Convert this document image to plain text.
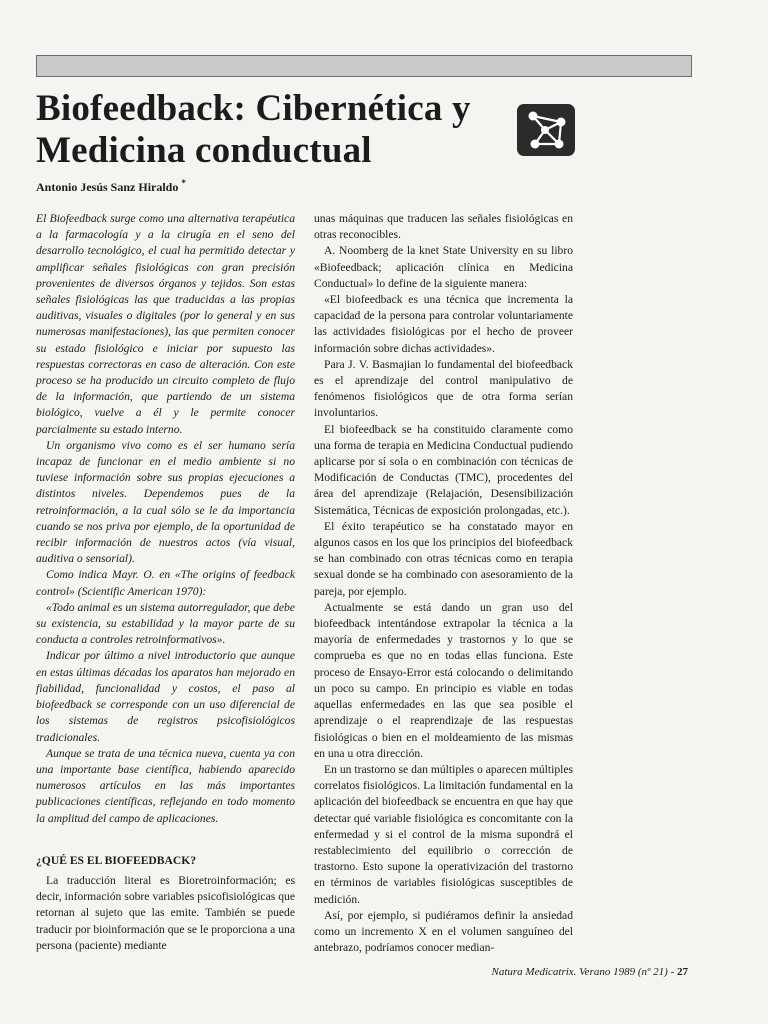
Biofeedback: Cibernética y Medicina conductual
Antonio Jesús Sanz Hiraldo *

El Biofeedback surge como una alternativa terapéutica a la farmacología y a la cirugía en el seno del desarrollo tecnológico, el cual ha permitido detectar y amplificar señales fisiológicas con gran precisión provenientes de diversos órganos y tejidos. Son estas señales fisiológicas las que traducidas a las propias auditivas, visuales o digitales (por lo general y en sus numerosas manifestaciones), las que permiten conocer su estado fisiológico e iniciar por supuesto las respuestas correctoras en caso de alteración. Con este proceso se ha producido un circuito completo de flujo de la información, que partiendo de un sistema biológico, vuelve a él y le permite conocer parcialmente su estado interno.

Un organismo vivo como es el ser humano sería incapaz de funcionar en el medio ambiente si no tuviese información sobre sus propias ejecuciones a distintos niveles. Dependemos pues de la retroinformación, a la cual sólo se le da importancia cuando se nos priva por ejemplo, de la oportunidad de recibir información de nuestros actos (vía visual, auditiva o sensorial).

Como indica Mayr. O. en «The origins of feedback control» (Scientific American 1970):

«Todo animal es un sistema autorregulador, que debe su existencia, su estabilidad y la mayor parte de su conducta a controles retroinformativos».

Indicar por último a nivel introductorio que aunque en estas últimas décadas los aparatos han mejorado en fiabilidad, funcionalidad y costos, el paso al biofeedback se corresponde con un uso diferencial de los sistemas de registros psicofisiológicos tradicionales.

Aunque se trata de una técnica nueva, cuenta ya con una importante base científica, habiendo aparecido numerosos artículos en las más importantes publicaciones científicas, reflejando en todo momento la amplitud del campo de aplicaciones.

¿QUÉ ES EL BIOFEEDBACK?

La traducción literal es Bioretroinformación; es decir, información sobre variables psicofisiológicas que retornan al sujeto que las emite. También se puede traducir por bioinformación que se le proporciona a una persona (paciente) mediante

unas máquinas que traducen las señales fisiológicas en otras reconocibles.

A. Noomberg de la knet State University en su libro «Biofeedback; aplicación clínica en Medicina Conductual» lo define de la siguiente manera:

«El biofeedback es una técnica que incrementa la capacidad de la persona para controlar voluntariamente las actividades fisiológicas por el hecho de proveer información sobre dichas actividades».

Para J. V. Basmajian lo fundamental del biofeedback es el aprendizaje del control manipulativo de fenómenos fisiológicos que de otra forma serían involuntarios.

El biofeedback se ha constituido claramente como una forma de terapia en Medicina Conductual pudiendo aplicarse por sí sola o en combinación con técnicas de Modificación de Conductas (TMC), procedentes del área del aprendizaje (Relajación, Desensibilización Sistemática, Técnicas de exposición prolongadas, etc.).

El éxito terapéutico se ha constatado mayor en algunos casos en los que los principios del biofeedback se han combinado con otras técnicas como en terapia sexual donde se ha combinado con asesoramiento de la pareja, por ejemplo.

Actualmente se está dando un gran uso del biofeedback intentándose extrapolar la técnica a la mayoría de enfermedades y trastornos y lo que se comprueba es que no en todas ellas funciona. Este proceso de Ensayo-Error está colocando o delimitando un poco su campo. En principio es viable en todas aquellas enfermedades en las que sea posible el aprendizaje o el reaprendizaje de las respuestas fisiológicas o bien en el moldeamiento de las mismas en una u otra dirección.

En un trastorno se dan múltiples o aparecen múltiples correlatos fisiológicos. La limitación fundamental en la aplicación del biofeedback se encuentra en que hay que detectar qué variable fisiológica es concomitante con la enfermedad y si el control de la misma supondrá el restablecimiento del equilibrio o corrección de trastorno. Esto supone la operativización del trastorno en términos de variables fisiológicas susceptibles de medición.

Así, por ejemplo, si pudiéramos definir la ansiedad como un incremento X en el volumen sanguíneo del antebrazo, podríamos conocer median-

Natura Medicatrix. Verano 1989 (nº 21) - 27
